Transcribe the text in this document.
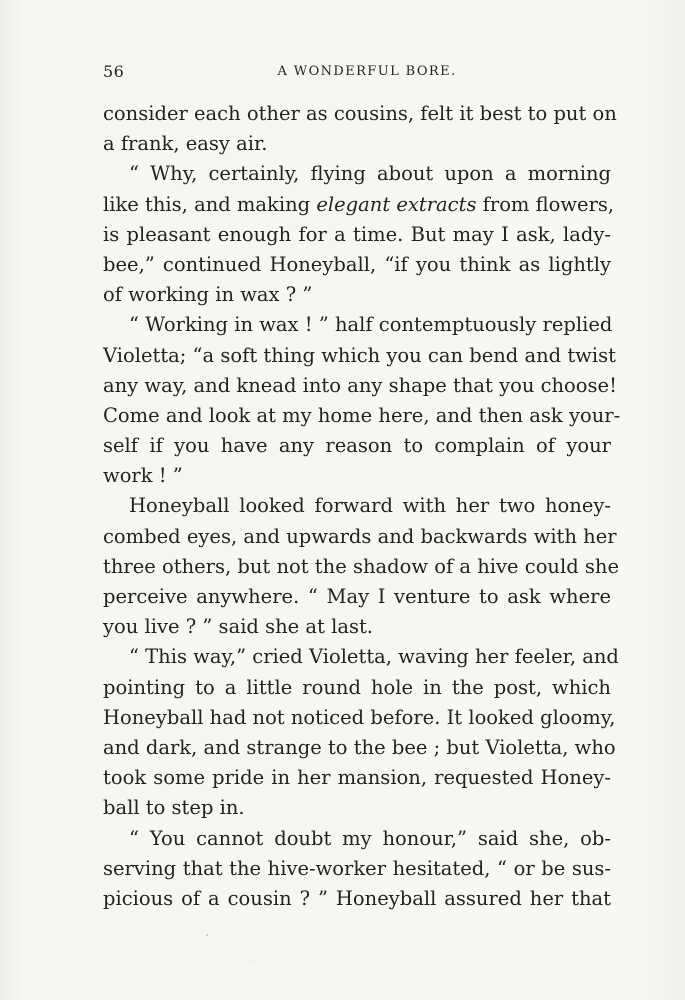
56	A WONDERFUL BORE.
consider each other as cousins, felt it best to put on
a frank, easy air.
“ Why, certainly, flying about upon a morning
like this, and making elegant extracts from flowers,
is pleasant enough for a time. But may I ask, lady-
bee,” continued Honeyball, “if you think as lightly
of working in wax ? ”
“ Working in wax ! ” half contemptuously replied
Violetta; “a soft thing which you can bend and twist
any way, and knead into any shape that you choose!
Come and look at my home here, and then ask your-
self if you have any reason to complain of your
work ! ”
Honeyball looked forward with her two honey-
combed eyes, and upwards and backwards with her
three others, but not the shadow of a hive could she
perceive anywhere. “ May I venture to ask where
you live ? ” said she at last.
“ This way,” cried Violetta, waving her feeler, and
pointing to a little round hole in the post, which
Honeyball had not noticed before. It looked gloomy,
and dark, and strange to the bee ; but Violetta, who
took some pride in her mansion, requested Honey-
ball to step in.
“ You cannot doubt my honour,” said she, ob-
serving that the hive-worker hesitated, “ or be sus-
picious of a cousin ? ” Honeyball assured her that
